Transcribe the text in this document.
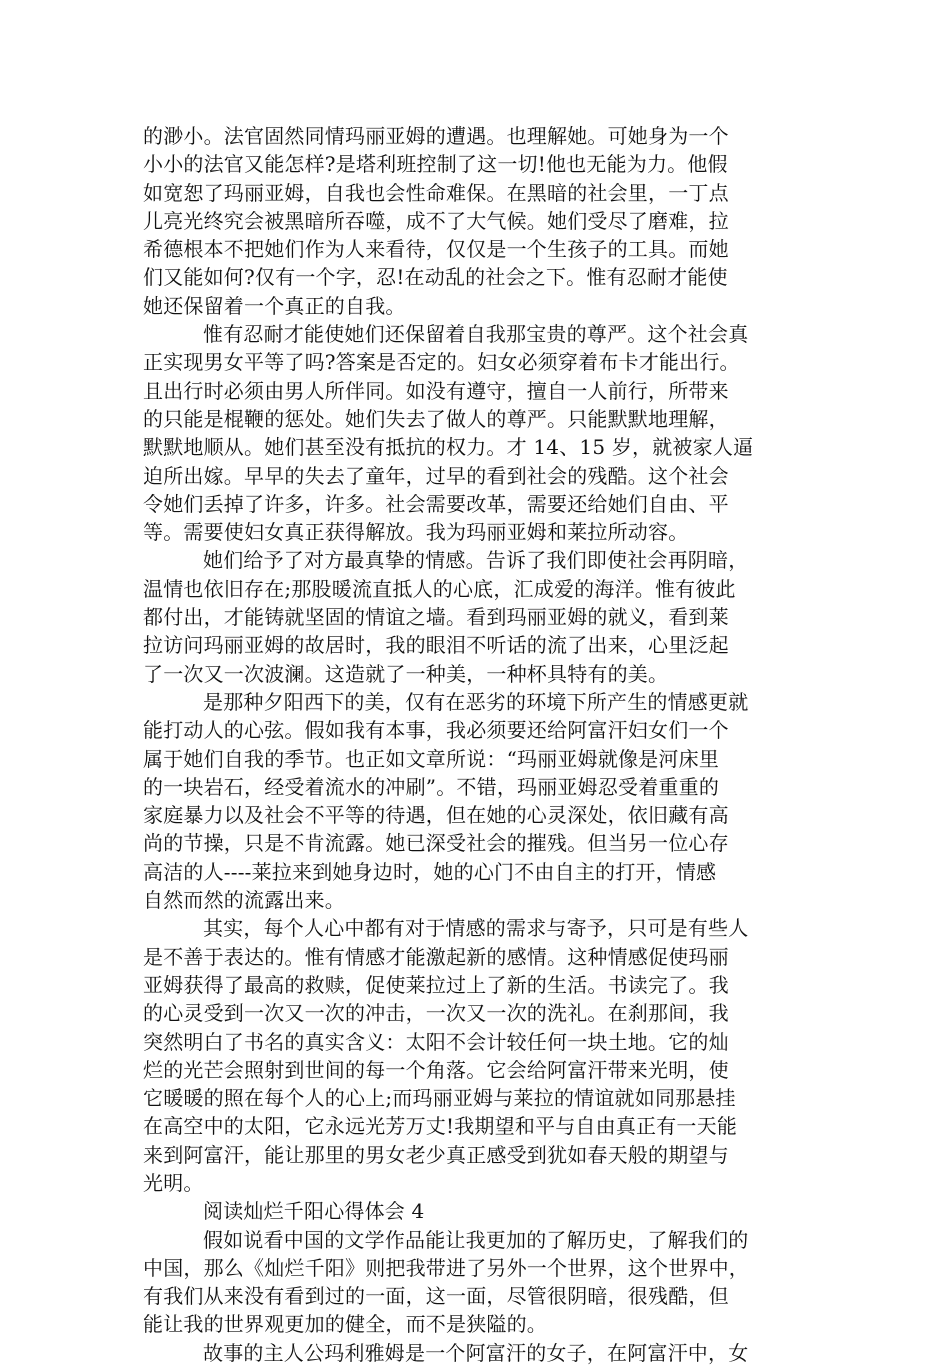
的渺小。法官固然同情玛丽亚姆的遭遇。也理解她。可她身为一个
小小的法官又能怎样?是塔利班控制了这一切!他也无能为力。他假
如宽恕了玛丽亚姆，自我也会性命难保。在黑暗的社会里，一丁点
儿亮光终究会被黑暗所吞噬，成不了大气候。她们受尽了磨难，拉
希德根本不把她们作为人来看待，仅仅是一个生孩子的工具。而她
们又能如何?仅有一个字，忍!在动乱的社会之下。惟有忍耐才能使
她还保留着一个真正的自我。
惟有忍耐才能使她们还保留着自我那宝贵的尊严。这个社会真
正实现男女平等了吗?答案是否定的。妇女必须穿着布卡才能出行。
且出行时必须由男人所伴同。如没有遵守，擅自一人前行，所带来
的只能是棍鞭的惩处。她们失去了做人的尊严。只能默默地理解，
默默地顺从。她们甚至没有抵抗的权力。才 14、15 岁，就被家人逼
迫所出嫁。早早的失去了童年，过早的看到社会的残酷。这个社会
令她们丢掉了许多，许多。社会需要改革，需要还给她们自由、平
等。需要使妇女真正获得解放。我为玛丽亚姆和莱拉所动容。
她们给予了对方最真挚的情感。告诉了我们即使社会再阴暗，
温情也依旧存在;那股暖流直抵人的心底，汇成爱的海洋。惟有彼此
都付出，才能铸就坚固的情谊之墙。看到玛丽亚姆的就义，看到莱
拉访问玛丽亚姆的故居时，我的眼泪不听话的流了出来，心里泛起
了一次又一次波澜。这造就了一种美，一种杯具特有的美。
是那种夕阳西下的美，仅有在恶劣的环境下所产生的情感更就
能打动人的心弦。假如我有本事，我必须要还给阿富汗妇女们一个
属于她们自我的季节。也正如文章所说：“玛丽亚姆就像是河床里
的一块岩石，经受着流水的冲刷”。不错，玛丽亚姆忍受着重重的
家庭暴力以及社会不平等的待遇，但在她的心灵深处，依旧藏有高
尚的节操，只是不肯流露。她已深受社会的摧残。但当另一位心存
高洁的人----莱拉来到她身边时，她的心门不由自主的打开，情感
自然而然的流露出来。
其实，每个人心中都有对于情感的需求与寄予，只可是有些人
是不善于表达的。惟有情感才能激起新的感情。这种情感促使玛丽
亚姆获得了最高的救赎，促使莱拉过上了新的生活。书读完了。我
的心灵受到一次又一次的冲击，一次又一次的洗礼。在刹那间，我
突然明白了书名的真实含义：太阳不会计较任何一块土地。它的灿
烂的光芒会照射到世间的每一个角落。它会给阿富汗带来光明，使
它暖暖的照在每个人的心上;而玛丽亚姆与莱拉的情谊就如同那悬挂
在高空中的太阳，它永远光芳万丈!我期望和平与自由真正有一天能
来到阿富汗，能让那里的男女老少真正感受到犹如春天般的期望与
光明。
阅读灿烂千阳心得体会 4
假如说看中国的文学作品能让我更加的了解历史，了解我们的
中国，那么《灿烂千阳》则把我带进了另外一个世界，这个世界中，
有我们从来没有看到过的一面，这一面，尽管很阴暗，很残酷，但
能让我的世界观更加的健全，而不是狭隘的。
故事的主人公玛利雅姆是一个阿富汗的女子，在阿富汗中，女
